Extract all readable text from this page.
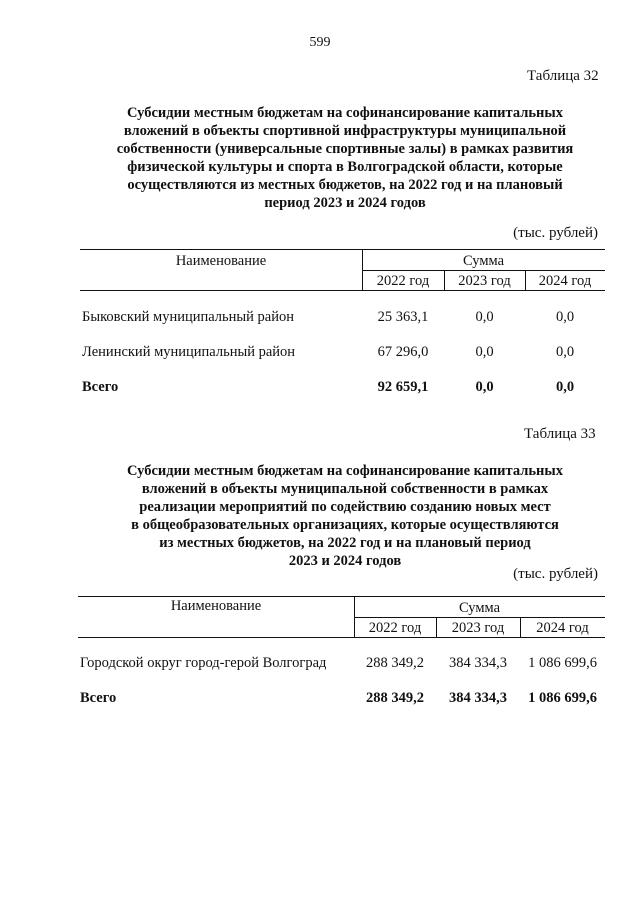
599
Таблица 32
Субсидии местным бюджетам на софинансирование капитальных
вложений в объекты спортивной инфраструктуры муниципальной
собственности (универсальные спортивные залы) в рамках развития
физической культуры и спорта в Волгоградской области, которые
осуществляются из местных бюджетов, на 2022 год и на плановый
период 2023 и 2024 годов
(тыс. рублей)
Наименование	Сумма
2022 год	2023 год	2024 год
Быковский муниципальный район	25 363,1	0,0	0,0
Ленинский муниципальный район	67 296,0	0,0	0,0
Всего	92 659,1	0,0	0,0
Таблица 33
Субсидии местным бюджетам на софинансирование капитальных
вложений в объекты муниципальной собственности в рамках
реализации мероприятий по содействию созданию новых мест
в общеобразовательных организациях, которые осуществляются
из местных бюджетов, на 2022 год и на плановый период
2023 и 2024 годов
(тыс. рублей)
Наименование	Сумма
2022 год	2023 год	2024 год
Городской округ город-герой Волгоград	288 349,2	384 334,3	1 086 699,6
Всего	288 349,2	384 334,3	1 086 699,6
